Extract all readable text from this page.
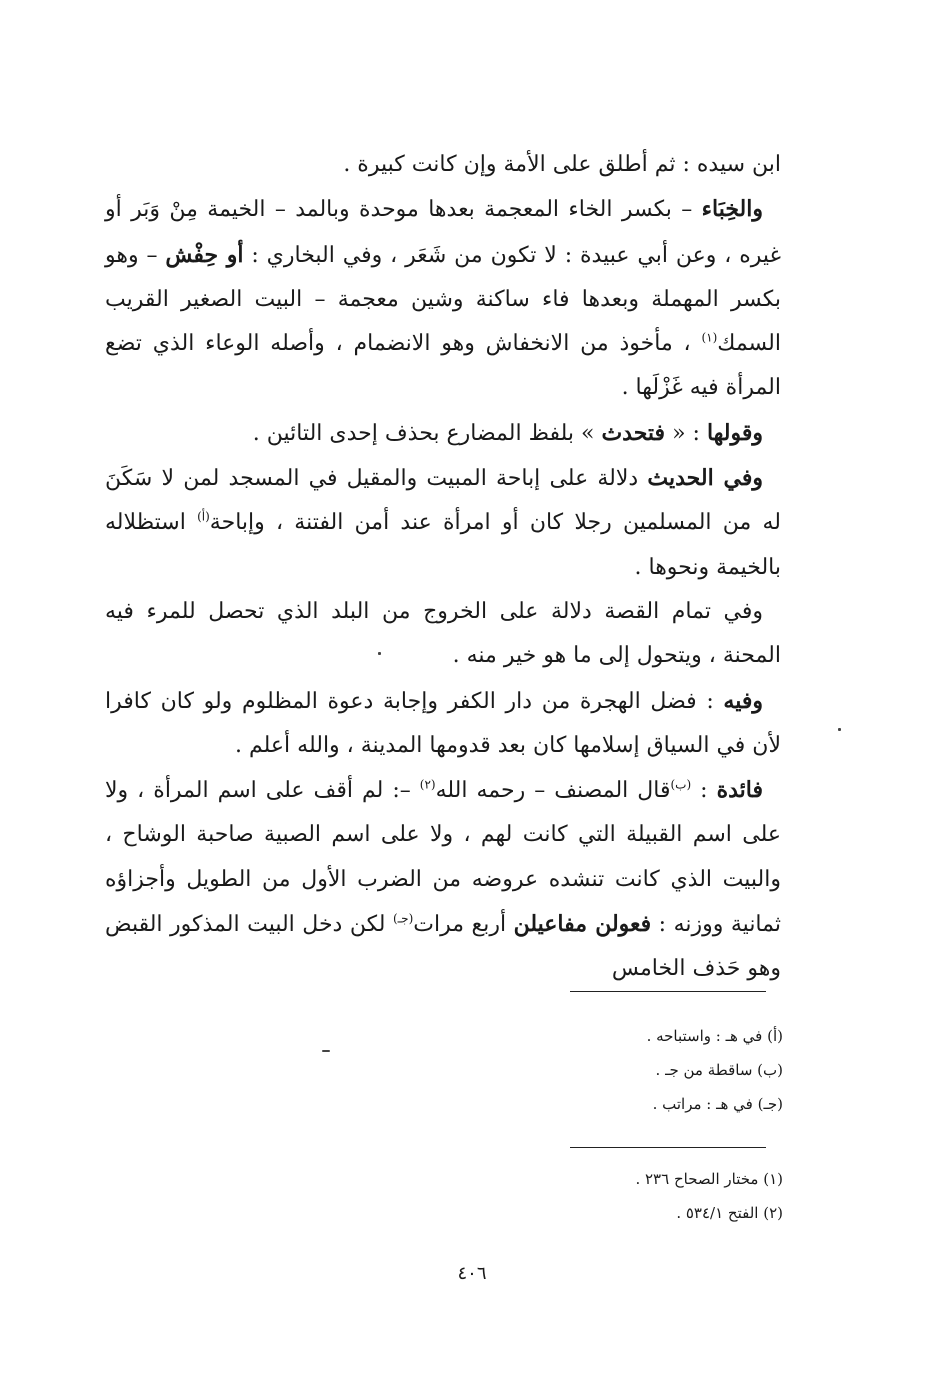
ابن سيده : ثم أطلق على الأمة وإن كانت كبيرة .

والخِبَاء – بكسر الخاء المعجمة بعدها موحدة وبالمد – الخيمة مِنْ وَبَر أو غيره ، وعن أبي عبيدة : لا تكون من شَعَر ، وفي البخاري : أو حِفْش – وهو بكسر المهملة وبعدها فاء ساكنة وشين معجمة – البيت الصغير القريب السمك$^{(١)}$ ، مأخوذ من الانخفاش وهو الانضمام ، وأصله الوعاء الذي تضع المرأة فيه غَزْلَها .

وقولها : « فتحدث » بلفظ المضارع بحذف إحدى التائين .

وفي الحديث دلالة على إباحة المبيت والمقيل في المسجد لمن لا سَكَنَ له من المسلمين رجلا كان أو امرأة عند أمن الفتنة ، وإباحة$^{(أ)}$ استظلاله بالخيمة ونحوها .

وفي تمام القصة دلالة على الخروج من البلد الذي تحصل للمرء فيه المحنة ، ويتحول إلى ما هو خير منه .

وفيه : فضل الهجرة من دار الكفر وإجابة دعوة المظلوم ولو كان كافرا لأن في السياق إسلامها كان بعد قدومها المدينة ، والله أعلم .

فائدة : $^{(ب)}$قال المصنف – رحمه الله$^{(٢)}$ –: لم أقف على اسم المرأة ، ولا على اسم القبيلة التي كانت لهم ، ولا على اسم الصبية صاحبة الوشاح ، والبيت الذي كانت تنشده عروضه من الضرب الأول من الطويل وأجزاؤه ثمانية ووزنه : فعولن مفاعيلن أربع مرات$^{(جـ)}$ لكن دخل البيت المذكور القبض وهو حَذف الخامس

(أ) في هـ : واستباحه .

(ب) ساقطة من جـ .

(جـ) في هـ : مراتب .

(١) مختار الصحاح ٢٣٦ .

(٢) الفتح ٥٣٤/١ .

٤٠٦
